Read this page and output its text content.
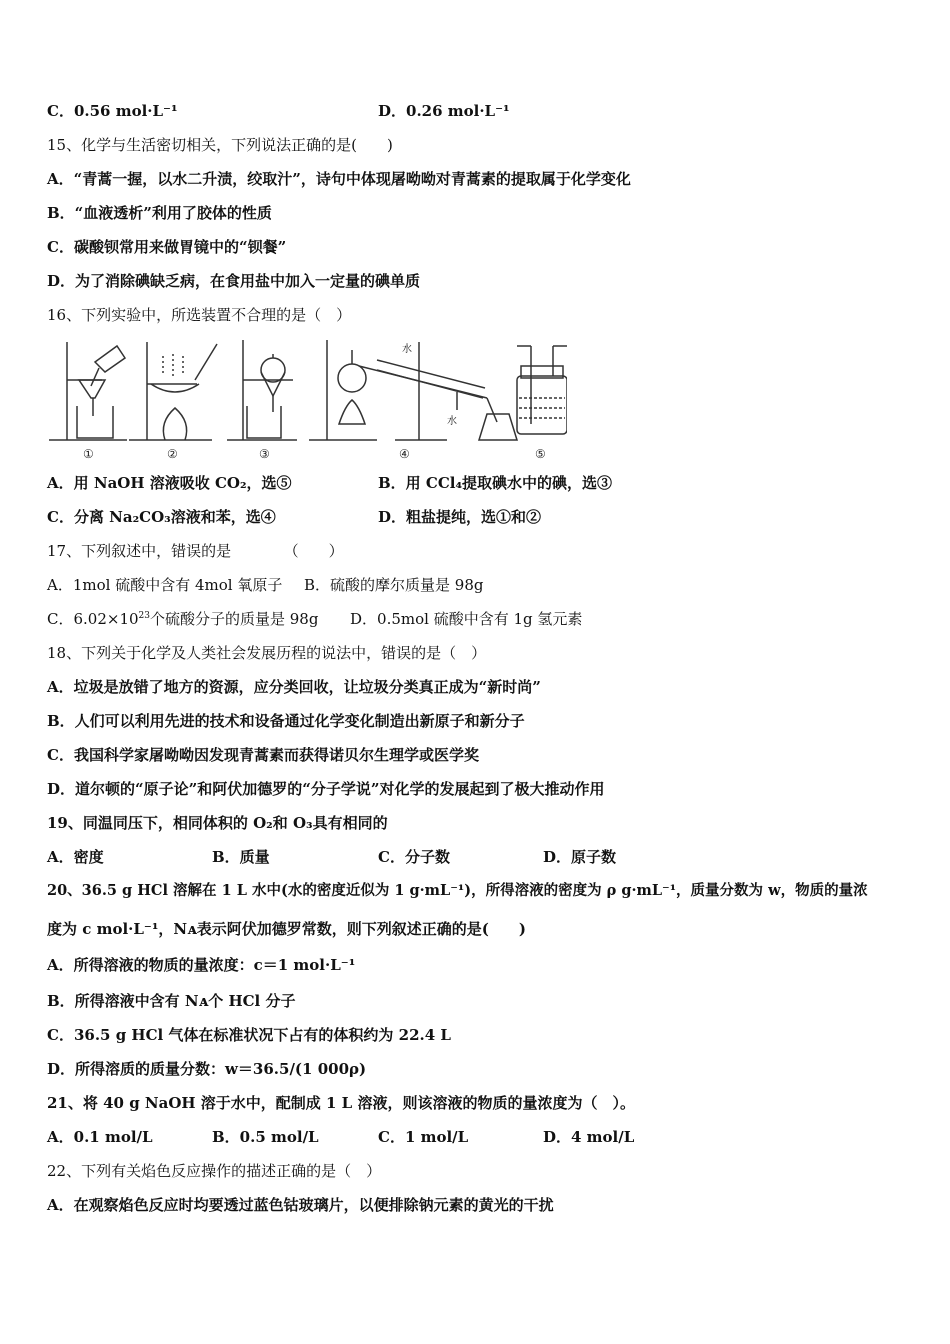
C．0.56 mol·L⁻¹	D．0.26 mol·L⁻¹
15、化学与生活密切相关，下列说法正确的是(　　)
A．“青蒿一握，以水二升渍，绞取汁”，诗句中体现屠呦呦对青蒿素的提取属于化学变化
B．“血液透析”利用了胶体的性质
C．碳酸钡常用来做胃镜中的“钡餐”
D．为了消除碘缺乏病，在食用盐中加入一定量的碘单质
16、下列实验中，所选装置不合理的是（　）
水
水
①	②	③	④	⑤
A．用 NaOH 溶液吸收 CO₂，选⑤	B．用 CCl₄提取碘水中的碘，选③
C．分离 Na₂CO₃溶液和苯，选④	D．粗盐提纯，选①和②
17、下列叙述中，错误的是　　　　（　　）
A．1mol 硫酸中含有 4mol 氧原子 B．硫酸的摩尔质量是 98g
C．$6.02\times 10^{23}$个硫酸分子的质量是 98g D．0.5mol 硫酸中含有 1g 氢元素
18、下列关于化学及人类社会发展历程的说法中，错误的是（　）
A．垃圾是放错了地方的资源，应分类回收，让垃圾分类真正成为“新时尚”
B．人们可以利用先进的技术和设备通过化学变化制造出新原子和新分子
C．我国科学家屠呦呦因发现青蒿素而获得诺贝尔生理学或医学奖
D．道尔顿的“原子论”和阿伏加德罗的“分子学说”对化学的发展起到了极大推动作用
19、同温同压下，相同体积的 O₂和 O₃具有相同的
A．密度	B．质量	C．分子数	D．原子数
20、36.5 g HCl 溶解在 1 L 水中(水的密度近似为 1 g·mL⁻¹)，所得溶液的密度为 ρ g·mL⁻¹，质量分数为 w，物质的量浓
度为 c mol·L⁻¹，Nᴀ表示阿伏加德罗常数，则下列叙述正确的是(　　)
A．所得溶液的物质的量浓度：c＝1 mol·L⁻¹
B．所得溶液中含有 Nᴀ个 HCl 分子
C．36.5 g HCl 气体在标准状况下占有的体积约为 22.4 L
D．所得溶质的质量分数：w＝36.5/(1 000ρ)
21、将 40 g NaOH 溶于水中，配制成 1 L 溶液，则该溶液的物质的量浓度为（　）。
A．0.1 mol/L	B．0.5 mol/L	C．1 mol/L	D．4 mol/L
22、下列有关焰色反应操作的描述正确的是（　）
A．在观察焰色反应时均要透过蓝色钴玻璃片，以便排除钠元素的黄光的干扰
